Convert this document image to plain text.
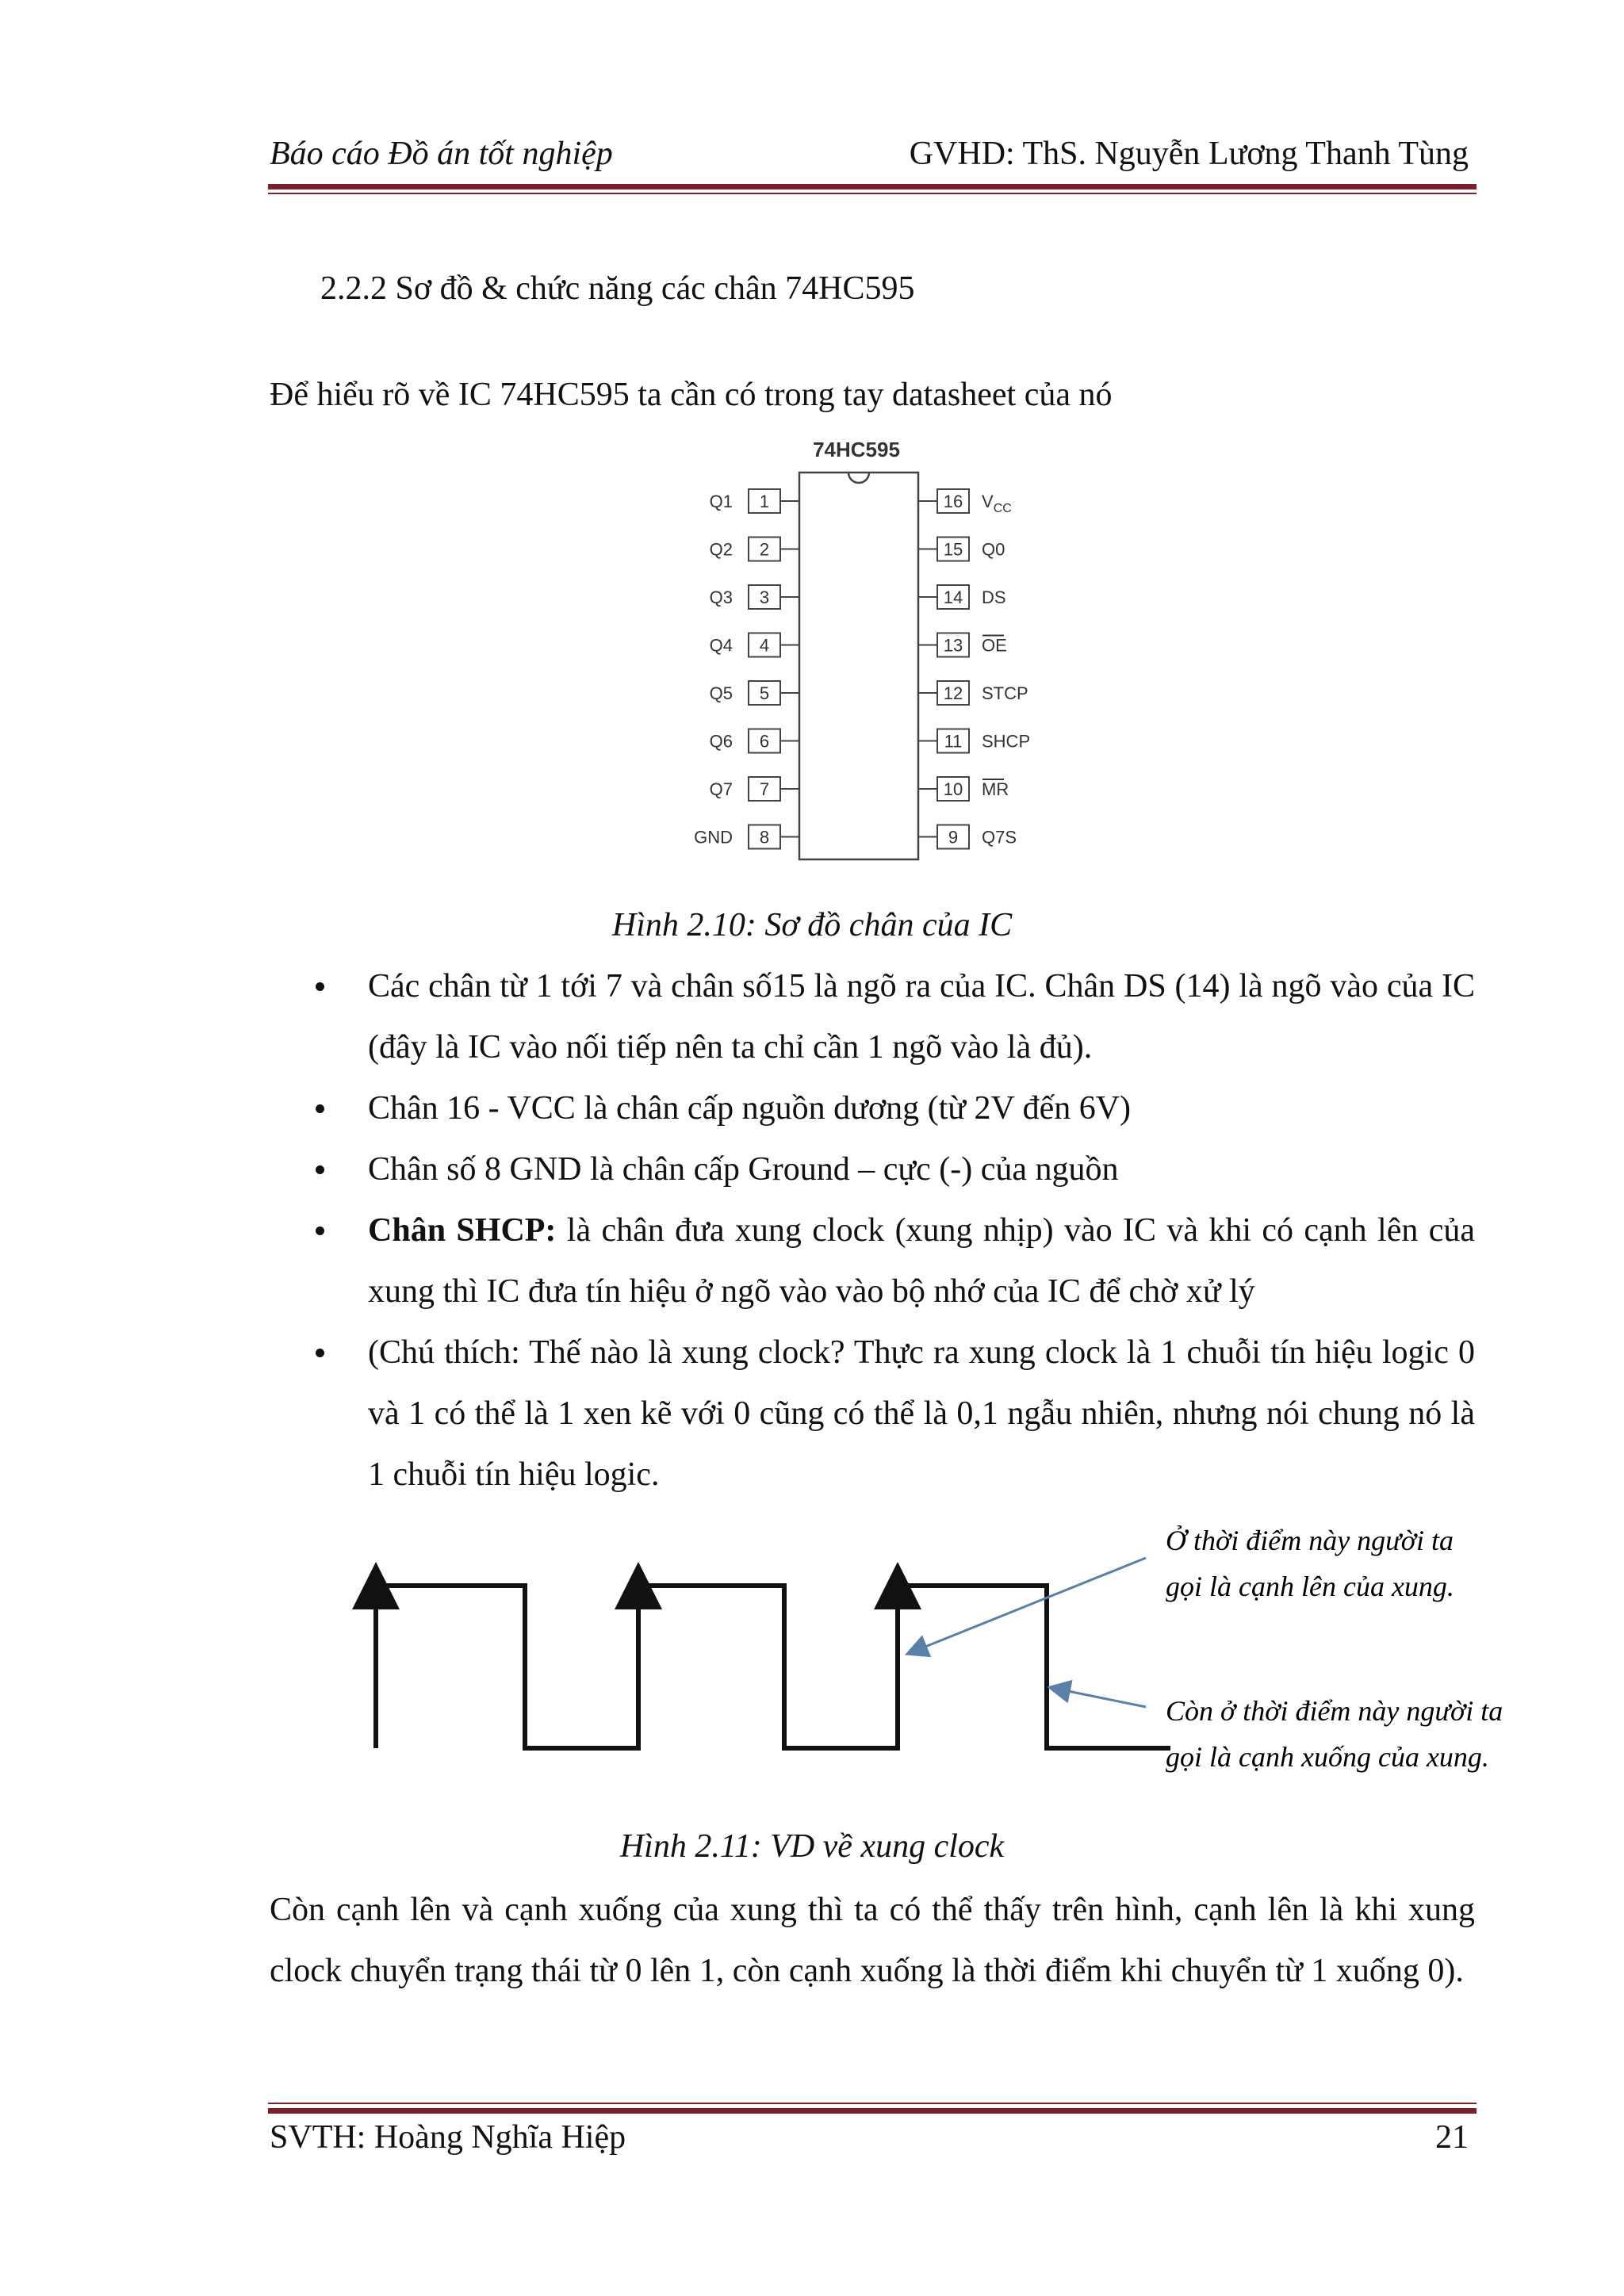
Báo cáo Đồ án tốt nghiệp	GVHD: ThS. Nguyễn Lương Thanh Tùng
2.2.2 Sơ đồ & chức năng các chân 74HC595
Để hiểu rõ về IC 74HC595 ta cần có trong tay datasheet của nó
74HC595
1
Q1
2
Q2
3
Q3
4
Q4
5
Q5
6
Q6
7
Q7
8
GND
16 $V_{CC}$
15 Q0
14 DS
13 OE
12 STCP
11 SHCP
10 MR
9 Q7S
Hình 2.10: Sơ đồ chân của IC
Các chân từ 1 tới 7 và chân số15 là ngõ ra của IC. Chân DS (14) là ngõ vào của IC (đây là IC vào nối tiếp nên ta chỉ cần 1 ngõ vào là đủ).
Chân 16 - VCC là chân cấp nguồn dương (từ 2V đến 6V)
Chân số 8 GND là chân cấp Ground – cực (-) của nguồn
Chân SHCP: là chân đưa xung clock (xung nhịp) vào IC và khi có cạnh lên của xung thì IC đưa tín hiệu ở ngõ vào vào bộ nhớ của IC để chờ xử lý
(Chú thích: Thế nào là xung clock? Thực ra xung clock là 1 chuỗi tín hiệu logic 0 và 1 có thể là 1 xen kẽ với 0 cũng có thể là 0,1 ngẫu nhiên, nhưng nói chung nó là 1 chuỗi tín hiệu logic.
Ở thời điểm này người ta
gọi là cạnh lên của xung.
Còn ở thời điểm này người ta
gọi là cạnh xuống của xung.
Hình 2.11: VD về xung clock
Còn cạnh lên và cạnh xuống của xung thì ta có thể thấy trên hình, cạnh lên là khi xung clock chuyển trạng thái từ 0 lên 1, còn cạnh xuống là thời điểm khi chuyển từ 1 xuống 0).
SVTH: Hoàng Nghĩa Hiệp	21
